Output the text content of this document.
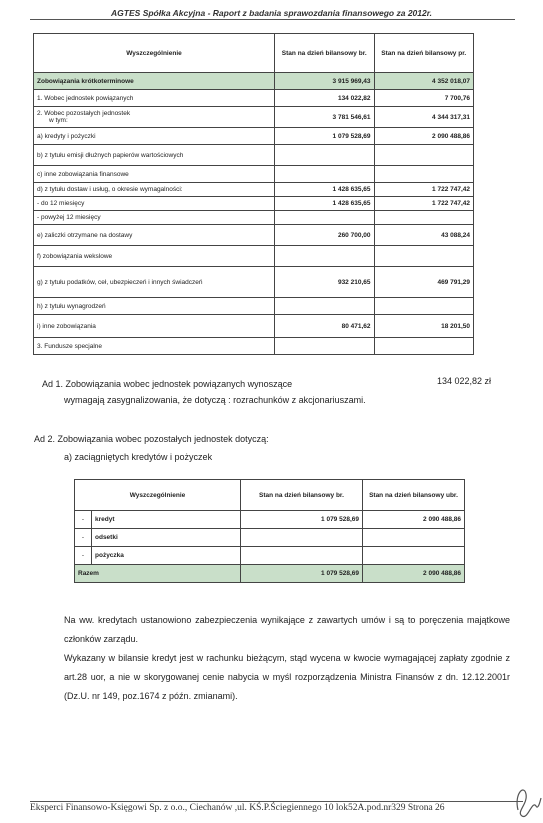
AGTES Spółka Akcyjna - Raport z badania sprawozdania finansowego za 2012r.
Wyszczególnienie	Stan na dzień bilansowy br.	Stan na dzień bilansowy pr.
Zobowiązania krótkoterminowe	3 915 969,43	4 352 018,07
1. Wobec jednostek powiązanych	134 022,82	7 700,76
2. Wobec pozostałych jednostek
w tym:	3 781 546,61	4 344 317,31
a) kredyty i pożyczki	1 079 528,69	2 090 488,86
b) z tytułu emisji dłużnych papierów wartościowych		
c) inne zobowiązania finansowe		
d) z tytułu dostaw i usług, o okresie wymagalności:	1 428 635,65	1 722 747,42
- do 12 miesięcy	1 428 635,65	1 722 747,42
- powyżej 12 miesięcy		
e) zaliczki otrzymane na dostawy	260 700,00	43 088,24
f) zobowiązania wekslowe		
g) z tytułu podatków, ceł, ubezpieczeń i innych świadczeń	932 210,65	469 791,29
h) z tytułu wynagrodzeń		
i) inne zobowiązania	80 471,62	18 201,50
3. Fundusze specjalne		
Ad 1. Zobowiązania wobec jednostek powiązanych wynoszące	134 022,82 zł
wymagają zasygnalizowania, że dotyczą : rozrachunków z akcjonariuszami.
Ad 2. Zobowiązania wobec pozostałych jednostek dotyczą:
a) zaciągniętych kredytów i pożyczek
Wyszczególnienie		Stan na dzień bilansowy br.	Stan na dzień bilansowy ubr.
-	kredyt	1 079 528,69	2 090 488,86
-	odsetki		
-	pożyczka		
Razem		1 079 528,69	2 090 488,86
Na ww. kredytach ustanowiono zabezpieczenia wynikające z zawartych umów i są to poręczenia majątkowe członków zarządu.
Wykazany w bilansie kredyt jest w rachunku bieżącym, stąd wycena w kwocie wymagającej zapłaty zgodnie z art.28 uor, a nie w skorygowanej cenie nabycia w myśl rozporządzenia Ministra Finansów z dn. 12.12.2001r (Dz.U. nr 149, poz.1674 z późn. zmianami).
Eksperci Finansowo-Księgowi Sp. z o.o., Ciechanów ,ul. KŚ.P.Ściegiennego 10 lok52A.pod.nr329 Strona 26
